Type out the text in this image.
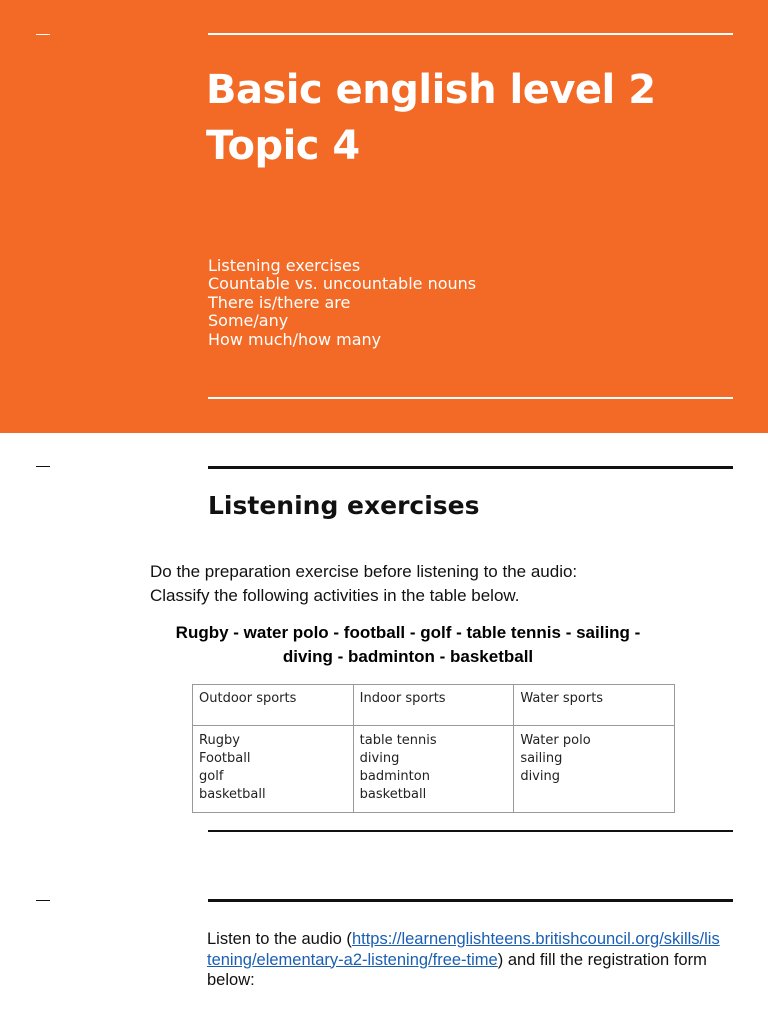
Basic english level 2
Topic 4
Listening exercises
Countable vs. uncountable nouns
There is/there are
Some/any
How much/how many
Listening exercises

Do the preparation exercise before listening to the audio:
Classify the following activities in the table below.

Rugby - water polo - football - golf - table tennis - sailing -
diving - badminton - basketball

Outdoor sports	Indoor sports	Water sports

Rugby
Football
golf
basketball	table tennis
diving
badminton
basketball	Water polo
sailing
diving

Listen to the audio (https://learnenglishteens.britishcouncil.org/skills/listening/elementary-a2-listening/free-time) and fill the registration form below:
